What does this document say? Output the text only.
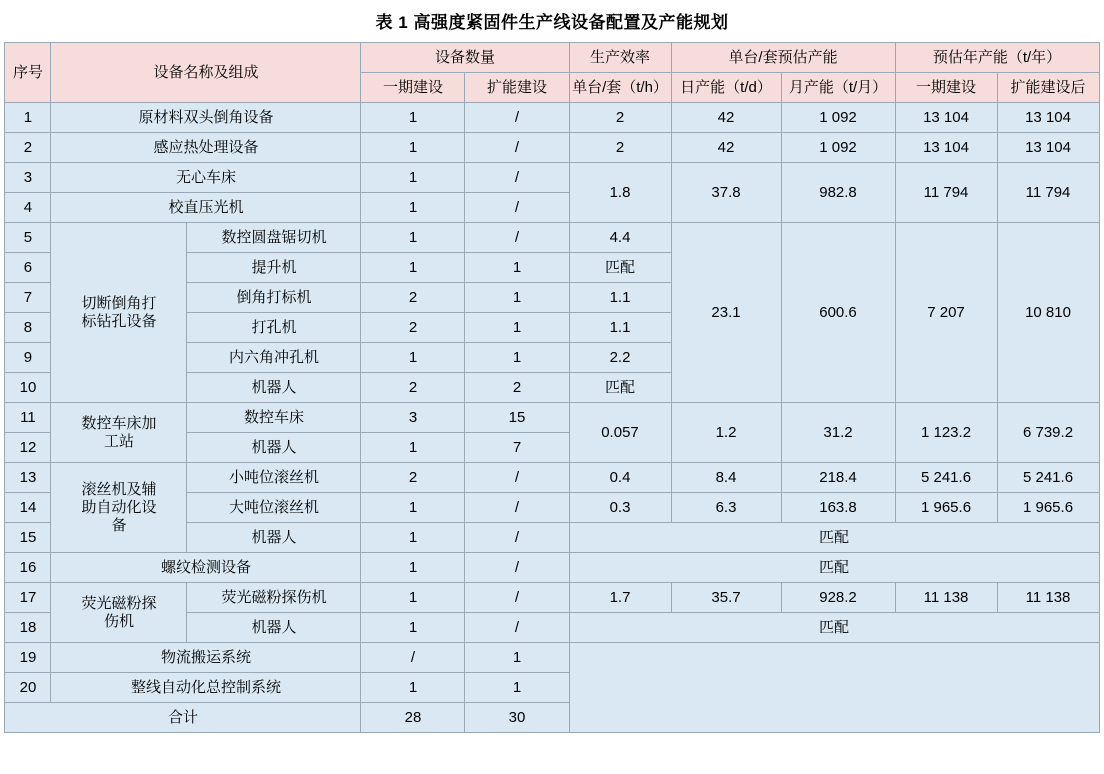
表 1 高强度紧固件生产线设备配置及产能规划
序号	设备名称及组成		设备数量		生产效率	单台/套预估产能		预估年产能（t/年）	
			一期建设	扩能建设	单台/套（t/h）	日产能（t/d）	月产能（t/月）	一期建设	扩能建设后
1	原材料双头倒角设备		1	/	2	42	1 092	13 104	13 104
2	感应热处理设备		1	/	2	42	1 092	13 104	13 104
3	无心车床		1	/	1.8	37.8	982.8	11 794	11 794
4	校直压光机		1	/					
5	切断倒角打
标钻孔设备	数控圆盘锯切机	1	/	4.4	23.1	600.6	7 207	10 810
6		提升机	1	1	匹配				
7		倒角打标机	2	1	1.1				
8		打孔机	2	1	1.1				
9		内六角冲孔机	1	1	2.2				
10		机器人	2	2	匹配				
11	数控车床加
工站	数控车床	3	15	0.057	1.2	31.2	1 123.2	6 739.2
12		机器人	1	7					
13	滚丝机及辅
助自动化设
备	小吨位滚丝机	2	/	0.4	8.4	218.4	5 241.6	5 241.6
14		大吨位滚丝机	1	/	0.3	6.3	163.8	1 965.6	1 965.6
15		机器人	1	/	匹配				
16	螺纹检测设备		1	/	匹配				
17	荧光磁粉探
伤机	荧光磁粉探伤机	1	/	1.7	35.7	928.2	11 138	11 138
18		机器人	1	/	匹配				
19	物流搬运系统		/	1					
20	整线自动化总控制系统		1	1					
合计			28	30					
